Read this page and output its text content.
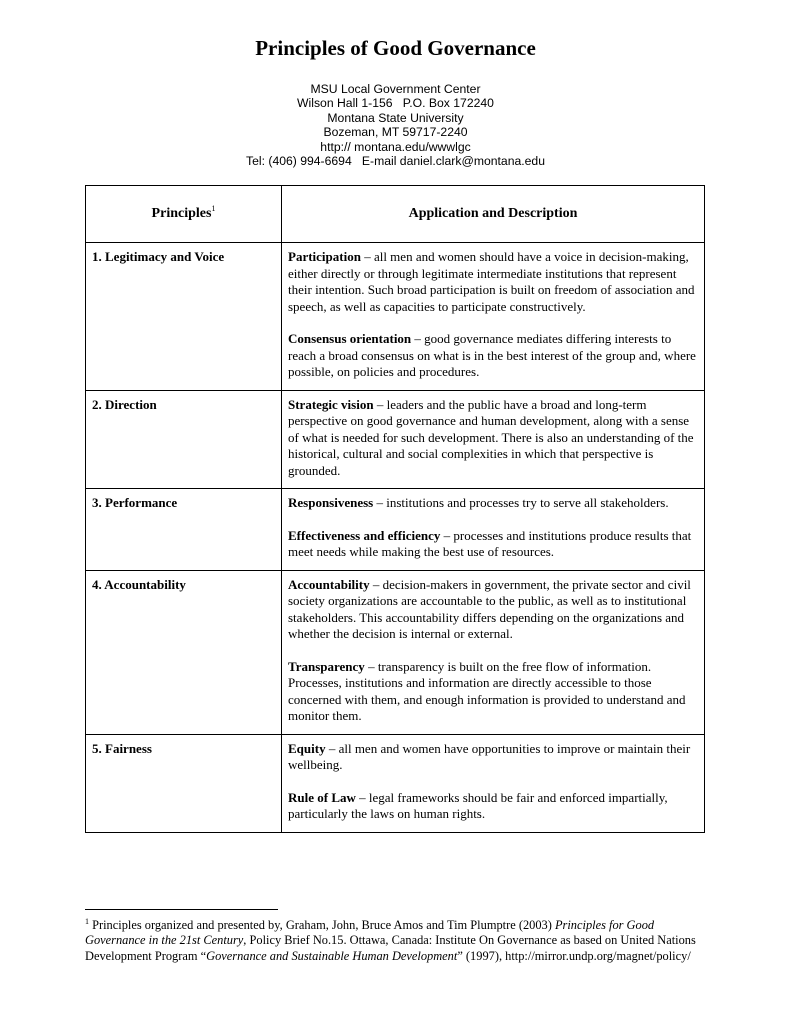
Principles of Good Governance
MSU Local Government Center
Wilson Hall 1-156   P.O. Box 172240
Montana State University
Bozeman, MT 59717-2240
http:// montana.edu/wwwlgc
Tel: (406) 994-6694   E-mail daniel.clark@montana.edu
Principles$^1$	Application and Description
1. Legitimacy and Voice	Participation – all men and women should have a voice in decision-making, either directly or through legitimate intermediate institutions that represent their intention. Such broad participation is built on freedom of association and speech, as well as capacities to participate constructively.
Consensus orientation – good governance mediates differing interests to reach a broad consensus on what is in the best interest of the group and, where possible, on policies and procedures.

2. Direction	Strategic vision – leaders and the public have a broad and long-term perspective on good governance and human development, along with a sense of what is needed for such development. There is also an understanding of the historical, cultural and social complexities in which that perspective is grounded.

3. Performance	Responsiveness – institutions and processes try to serve all stakeholders.
Effectiveness and efficiency – processes and institutions produce results that meet needs while making the best use of resources.

4. Accountability	Accountability – decision-makers in government, the private sector and civil society organizations are accountable to the public, as well as to institutional stakeholders. This accountability differs depending on the organizations and whether the decision is internal or external.
Transparency – transparency is built on the free flow of information. Processes, institutions and information are directly accessible to those concerned with them, and enough information is provided to understand and monitor them.

5. Fairness	Equity – all men and women have opportunities to improve or maintain their wellbeing.
Rule of Law – legal frameworks should be fair and enforced impartially, particularly the laws on human rights.
$^1$ Principles organized and presented by, Graham, John, Bruce Amos and Tim Plumptre (2003) Principles for Good Governance in the 21st Century, Policy Brief No.15. Ottawa, Canada: Institute On Governance as based on United Nations Development Program “Governance and Sustainable Human Development” (1997), http://mirror.undp.org/magnet/policy/
